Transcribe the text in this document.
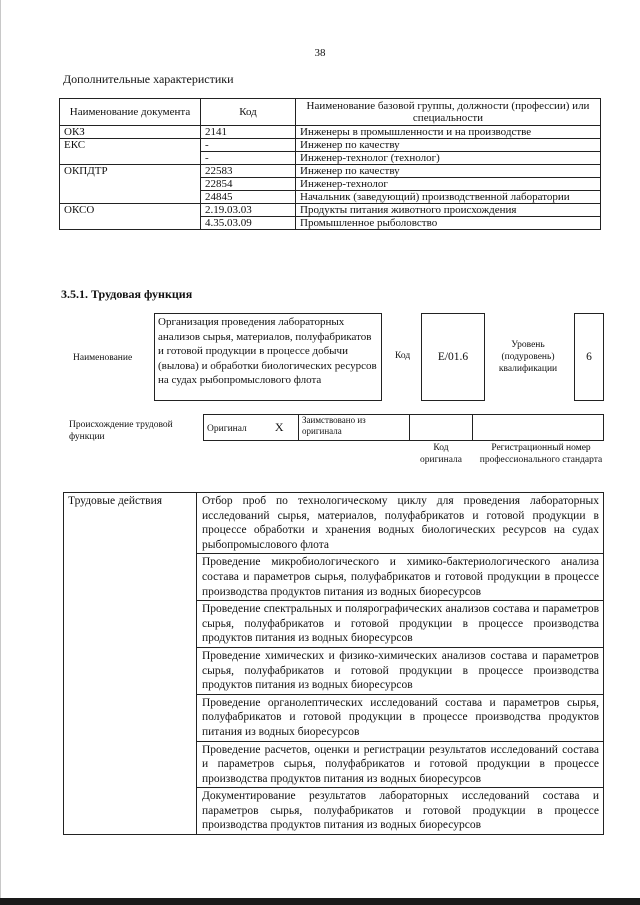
38
Дополнительные характеристики
Наименование документа	Код	Наименование базовой группы, должности (профессии) или специальности
ОКЗ	2141	Инженеры в промышленности и на производстве
ЕКС	-	Инженер по качеству
	-	Инженер-технолог (технолог)
ОКПДТР	22583	Инженер по качеству
	22854	Инженер-технолог
	24845	Начальник (заведующий) производственной лаборатории
ОКСО	2.19.03.03	Продукты питания животного происхождения
	4.35.03.09	Промышленное рыболовство
3.5.1. Трудовая функция
Наименование
Организация проведения лабораторных анализов сырья, материалов, полуфабрикатов и готовой продукции в процессе добычи (вылова) и обработки биологических ресурсов на судах рыбопромыслового флота
Код	E/01.6
Уровень (подуровень) квалификации
6
Происхождение трудовой функции
Оригинал X	Заимствовано из оригинала		
Код оригинала
Регистрационный номер профессионального стандарта
Трудовые действия	Отбор проб по технологическому циклу для проведения лабораторных исследований сырья, материалов, полуфабрикатов и готовой продукции в процессе обработки и хранения водных биологических ресурсов на судах рыбопромыслового флота
	Проведение микробиологического и химико-бактериологического анализа состава и параметров сырья, полуфабрикатов и готовой продукции в процессе производства продуктов питания из водных биоресурсов
	Проведение спектральных и полярографических анализов состава и параметров сырья, полуфабрикатов и готовой продукции в процессе производства продуктов питания из водных биоресурсов
	Проведение химических и физико-химических анализов состава и параметров сырья, полуфабрикатов и готовой продукции в процессе производства продуктов питания из водных биоресурсов
	Проведение органолептических исследований состава и параметров сырья, полуфабрикатов и готовой продукции в процессе производства продуктов питания из водных биоресурсов
	Проведение расчетов, оценки и регистрации результатов исследований состава и параметров сырья, полуфабрикатов и готовой продукции в процессе производства продуктов питания из водных биоресурсов
	Документирование результатов лабораторных исследований состава и параметров сырья, полуфабрикатов и готовой продукции в процессе производства продуктов питания из водных биоресурсов
